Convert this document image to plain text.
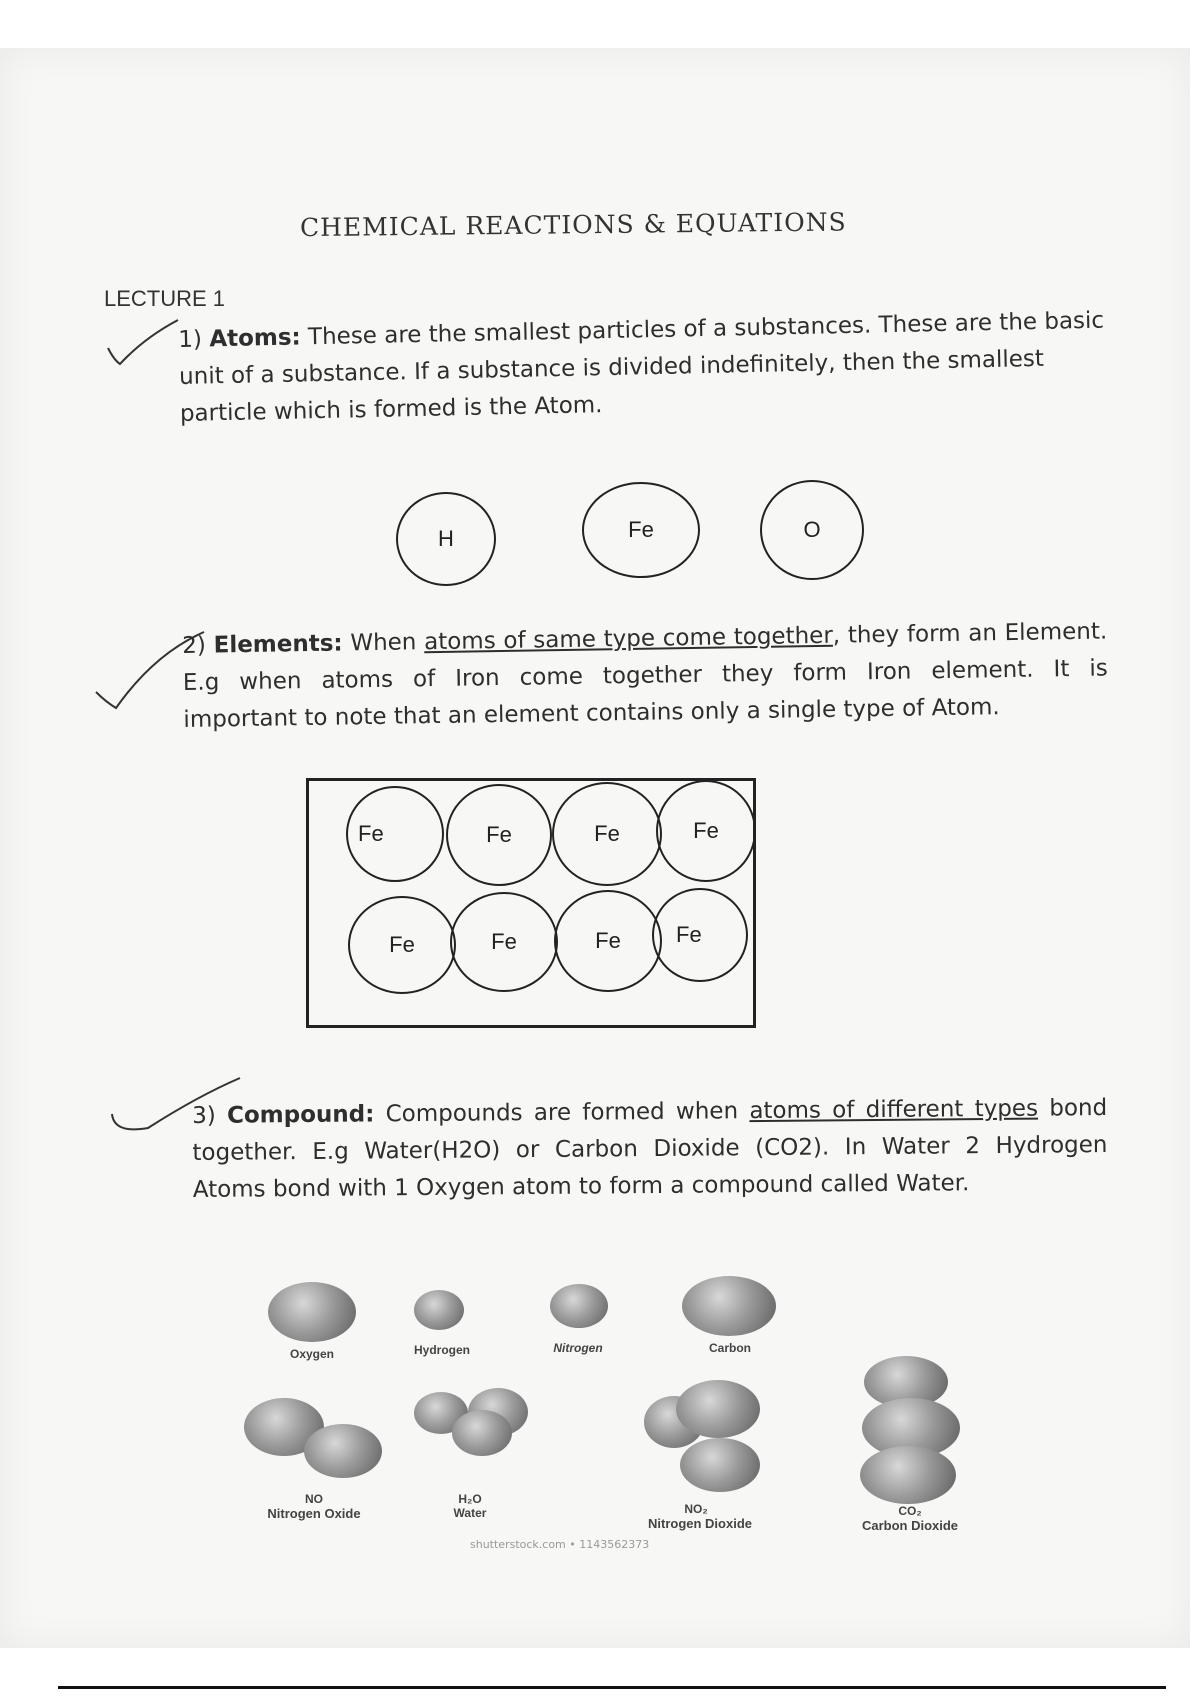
CHEMICAL REACTIONS & EQUATIONS
LECTURE 1
1) Atoms: These are the smallest particles of a substances. These are the basic
unit of a substance. If a substance is divided indefinitely, then the smallest
particle which is formed is the Atom.
H	Fe	O
2) Elements: When atoms of same type come together, they form an Element.
E.g when atoms of Iron come together they form Iron element. It is
important to note that an element contains only a single type of Atom.
Fe	Fe	Fe	Fe
Fe	Fe	Fe	Fe
3) Compound: Compounds are formed when atoms of different types bond
together. E.g Water(H2O) or Carbon Dioxide (CO2). In Water 2 Hydrogen
Atoms bond with 1 Oxygen atom to form a compound called Water.
Oxygen	Hydrogen	Nitrogen	Carbon
NO
Nitrogen Oxide
H₂O
Water	NO₂
Nitrogen Dioxide
CO₂
Carbon Dioxide
shutterstock.com • 1143562373
